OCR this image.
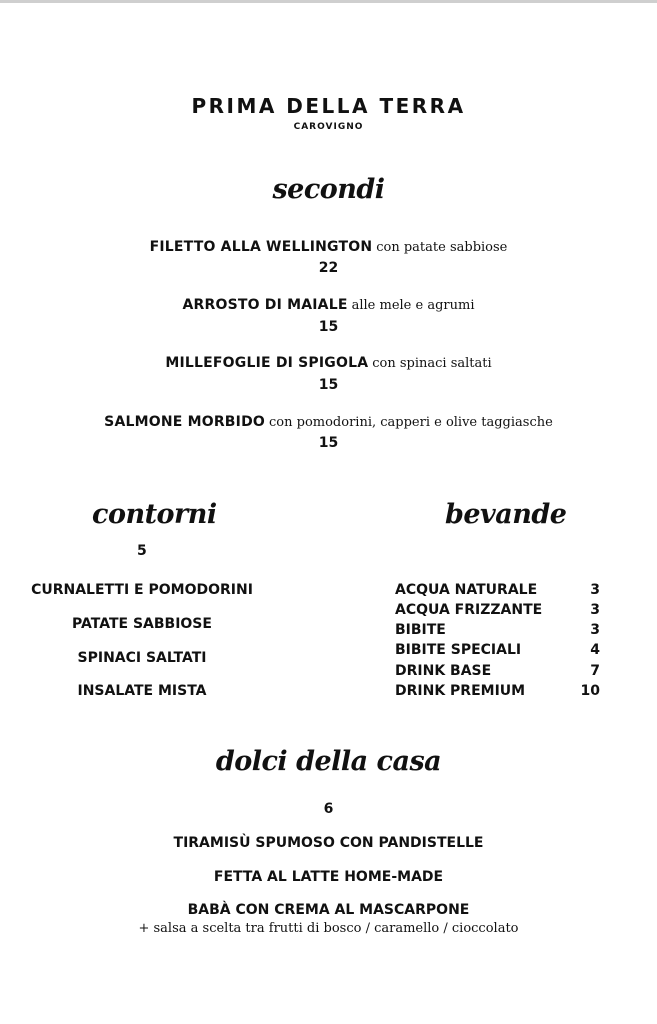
PRIMA DELLA TERRA
CAROVIGNO
secondi
FILETTO ALLA WELLINGTON con patate sabbiose
22
ARROSTO DI MAIALE alle mele e agrumi
15
MILLEFOGLIE DI SPIGOLA con spinaci saltati
15
SALMONE MORBIDO con pomodorini, capperi e olive taggiasche
15
contorni
5
CURNALETTI E POMODORINI
PATATE SABBIOSE
SPINACI SALTATI
INSALATE MISTA
bevande
ACQUA NATURALE	3
ACQUA FRIZZANTE	3
BIBITE	3
BIBITE SPECIALI	4
DRINK BASE	7
DRINK PREMIUM	10
dolci della casa
6
TIRAMISÙ SPUMOSO CON PANDISTELLE
FETTA AL LATTE HOME-MADE
BABÀ CON CREMA AL MASCARPONE
+ salsa a scelta tra frutti di bosco / caramello / cioccolato
